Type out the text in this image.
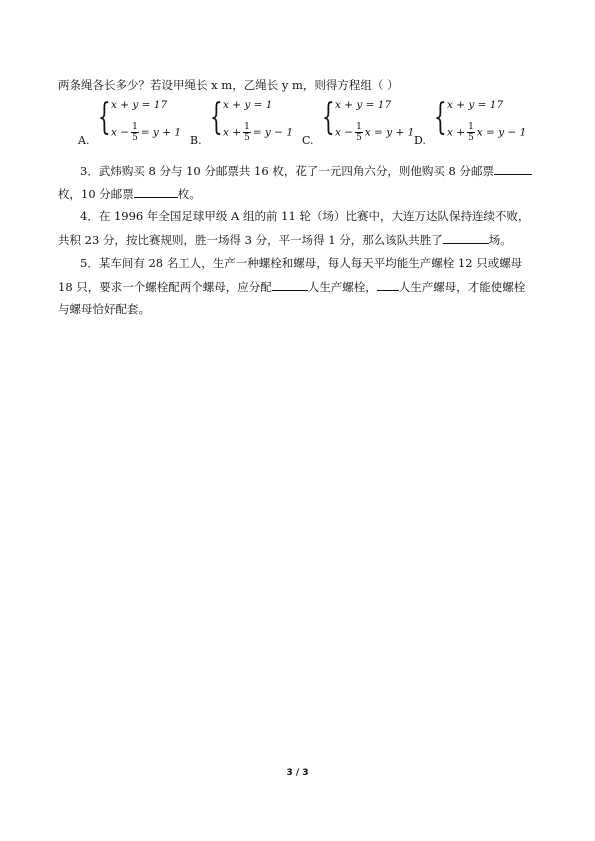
两条绳各长多少？若设甲绳长 x m，乙绳长 y m，则得方程组（ ）
A.
{ x + y = 17
$x - \frac{1}{5} = y + 1$
B.
{ x + y = 1
$x + \frac{1}{5} = y - 1$
C.
{ x + y = 17
$x - \frac{1}{5}$ x = y + 1
D.
{ x + y = 17
$x + \frac{1}{5}$ x = y − 1
3．武炜购买 8 分与 10 分邮票共 16 枚，花了一元四角六分，则他购买 8 分邮票
枚，10 分邮票	枚。
4．在 1996 年全国足球甲级 A 组的前 11 轮（场）比赛中，大连万达队保持连续不败，
共积 23 分，按比赛规则，胜一场得 3 分，平一场得 1 分，那么该队共胜了	场。
5．某车间有 28 名工人，生产一种螺栓和螺母，每人每天平均能生产螺栓 12 只或螺母
18 只，要求一个螺栓配两个螺母，应分配	人生产螺栓， 人生产螺母，才能使螺栓
与螺母恰好配套。
3 / 3
